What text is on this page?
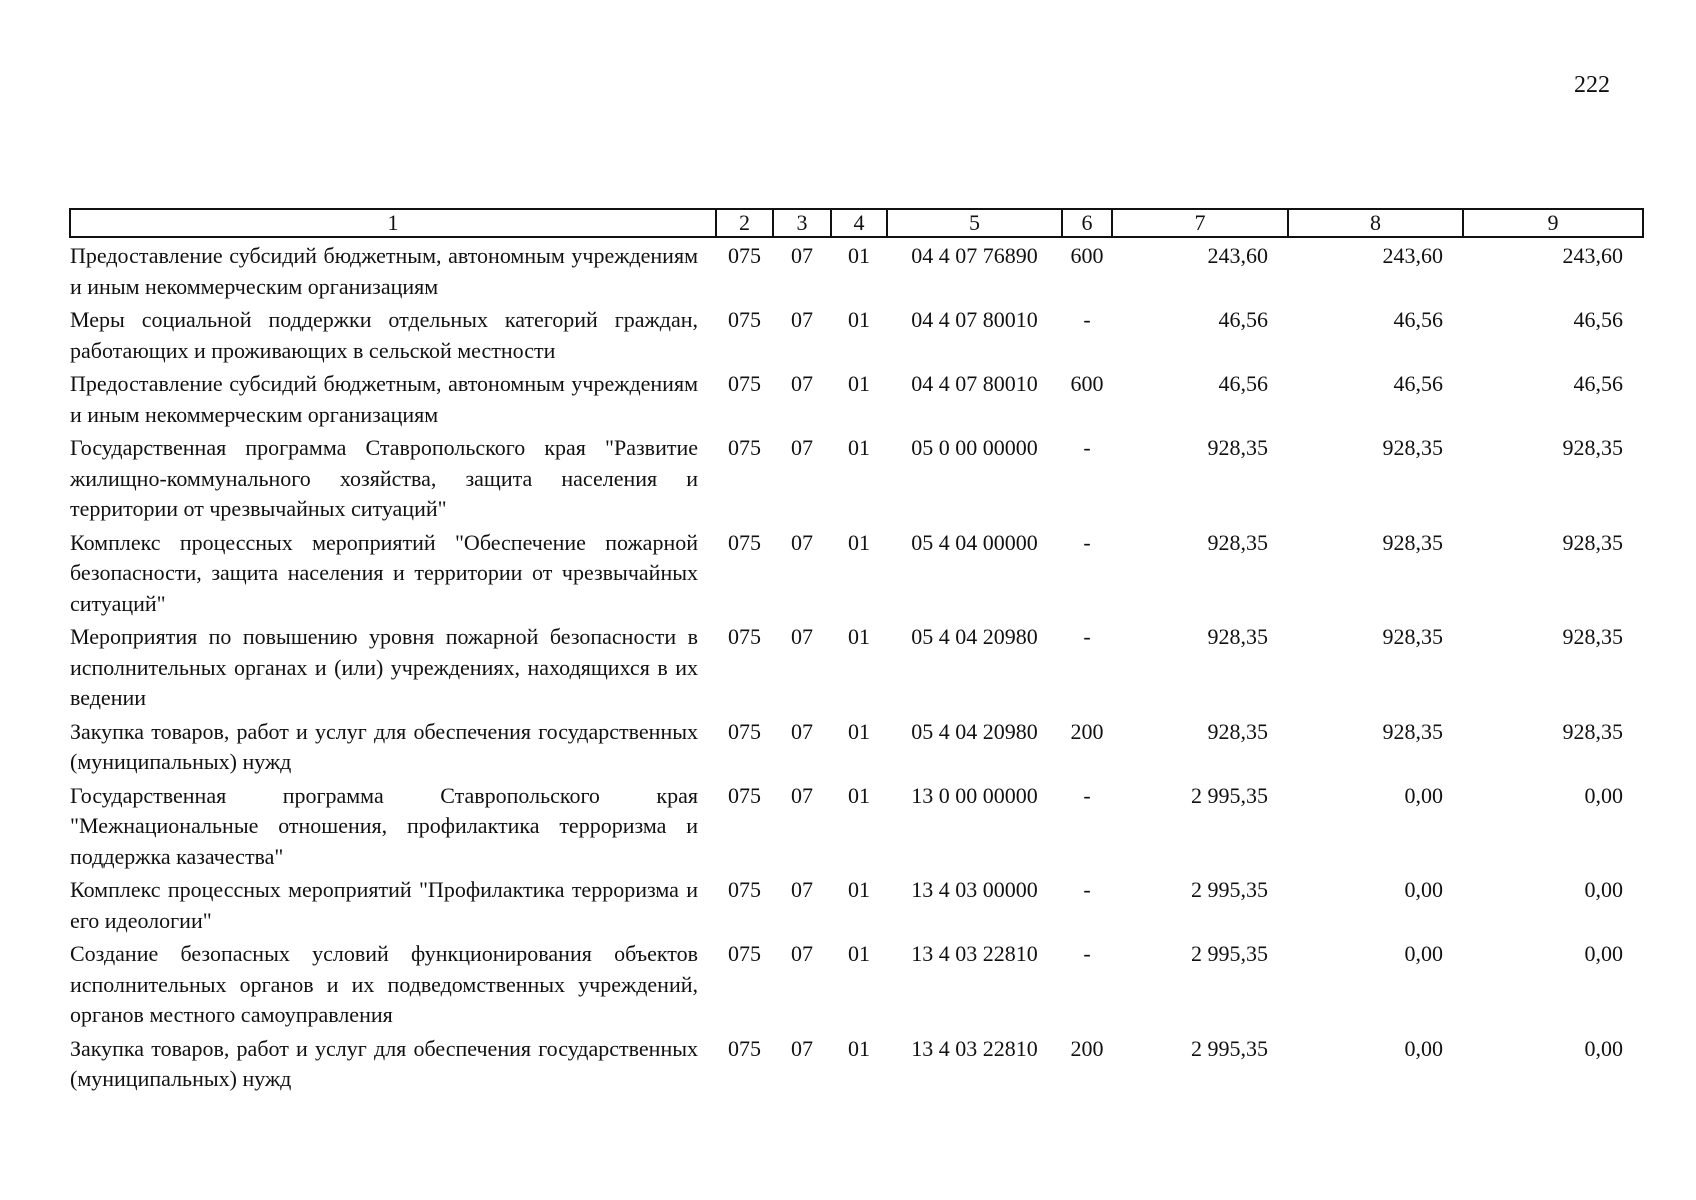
222
1	2	3	4	5	6	7	8	9
Предоставление субсидий бюджетным, автономным учреждениям и иным некоммерческим организациям	075	07	01	04 4 07 76890	600	243,60	243,60	243,60
Меры социальной поддержки отдельных категорий граждан, работающих и проживающих в сельской местности	075	07	01	04 4 07 80010	-	46,56	46,56	46,56
Предоставление субсидий бюджетным, автономным учреждениям и иным некоммерческим организациям	075	07	01	04 4 07 80010	600	46,56	46,56	46,56
Государственная программа Ставропольского края "Развитие жилищно-коммунального хозяйства, защита населения и территории от чрезвычайных ситуаций"	075	07	01	05 0 00 00000	-	928,35	928,35	928,35
Комплекс процессных мероприятий "Обеспечение пожарной безопасности, защита населения и территории от чрезвычайных ситуаций"	075	07	01	05 4 04 00000	-	928,35	928,35	928,35
Мероприятия по повышению уровня пожарной безопасности в исполнительных органах и (или) учреждениях, находящихся в их ведении	075	07	01	05 4 04 20980	-	928,35	928,35	928,35
Закупка товаров, работ и услуг для обеспечения государственных (муниципальных) нужд	075	07	01	05 4 04 20980	200	928,35	928,35	928,35
Государственная программа Ставропольского края "Межнациональные отношения, профилактика терроризма и поддержка казачества"	075	07	01	13 0 00 00000	-	2 995,35	0,00	0,00
Комплекс процессных мероприятий "Профилактика терроризма и его идеологии"	075	07	01	13 4 03 00000	-	2 995,35	0,00	0,00
Создание безопасных условий функционирования объектов исполнительных органов и их подведомственных учреждений, органов местного самоуправления	075	07	01	13 4 03 22810	-	2 995,35	0,00	0,00
Закупка товаров, работ и услуг для обеспечения государственных (муниципальных) нужд	075	07	01	13 4 03 22810	200	2 995,35	0,00	0,00
